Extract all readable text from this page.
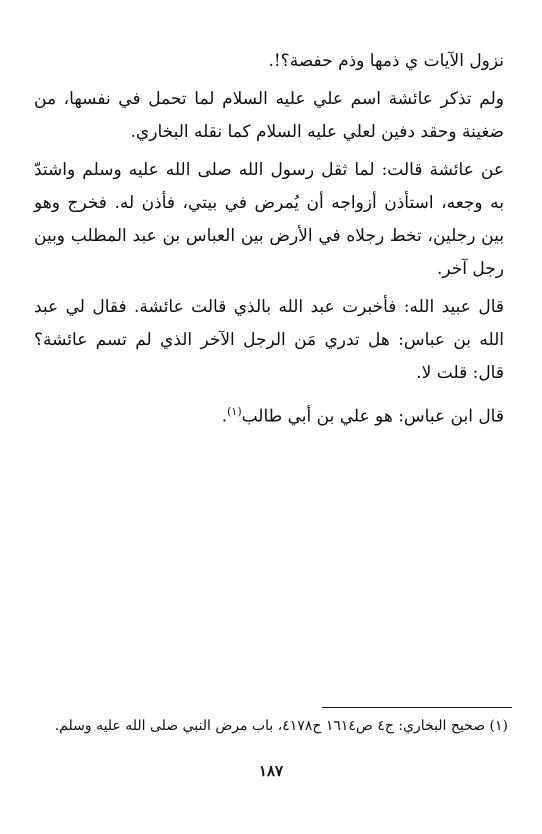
نزول الآيات ي ذمها وذم حفصة؟!.

ولم تذكر عائشة اسم علي عليه السلام لما تحمل في نفسها، من ضغينة وحقد دفين لعلي عليه السلام كما نقله البخاري.

عن عائشة قالت: لما ثقل رسول الله صلى الله عليه وسلم واشتدّ به وجعه، استأذن أزواجه أن يُمرض في بيتي، فأذن له. فخرج وهو بين رجلين، تخط رجلاه في الأرض بين العباس بن عبد المطلب وبين رجل آخر.

قال عبيد الله: فأخبرت عبد الله بالذي قالت عائشة. فقال لي عبد الله بن عباس: هل تدري مَن الرجل الآخر الذي لم تسم عائشة؟ قال: قلت لا.

قال ابن عباس: هو علي بن أبي طالب$^{(١)}$.

(١) صحيح البخاري: ج٤ ص١٦١٤ ح٤١٧٨، باب مرض النبي صلى الله عليه وسلم.
١٨٧
